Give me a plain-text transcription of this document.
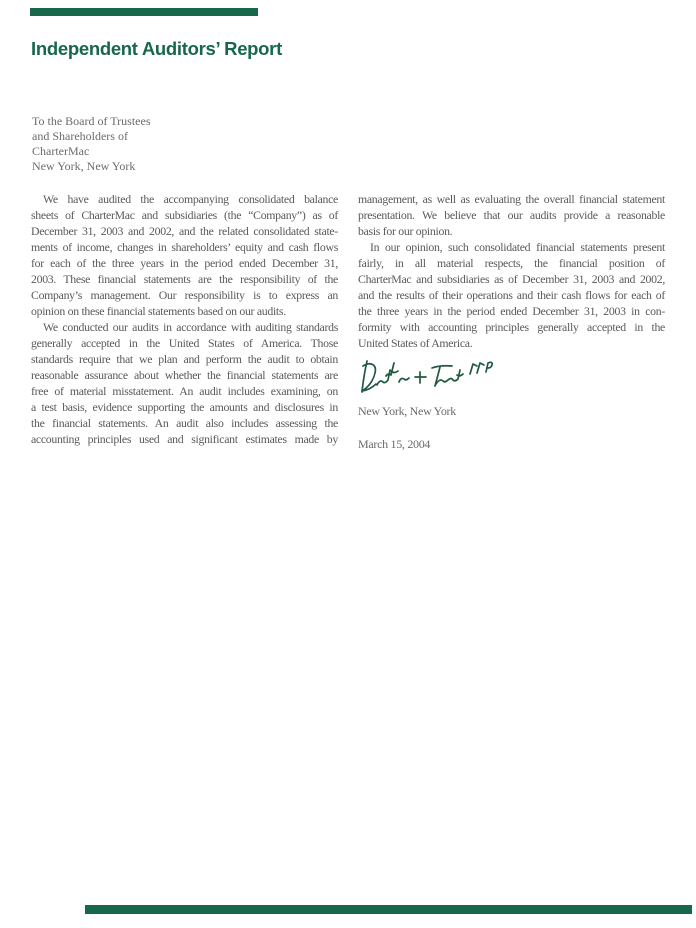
Independent Auditors’ Report
To the Board of Trustees
and Shareholders of
CharterMac
New York, New York
We have audited the accompanying consolidated balance
sheets of CharterMac and subsidiaries (the “Company”) as of
December 31, 2003 and 2002, and the related consolidated state-
ments of income, changes in shareholders’ equity and cash flows
for each of the three years in the period ended December 31,
2003. These financial statements are the responsibility of the
Company’s management. Our responsibility is to express an
opinion on these financial statements based on our audits.
We conducted our audits in accordance with auditing standards
generally accepted in the United States of America. Those
standards require that we plan and perform the audit to obtain
reasonable assurance about whether the financial statements are
free of material misstatement. An audit includes examining, on
a test basis, evidence supporting the amounts and disclosures in
the financial statements. An audit also includes assessing the
accounting principles used and significant estimates made by
management, as well as evaluating the overall financial statement
presentation. We believe that our audits provide a reasonable
basis for our opinion.
In our opinion, such consolidated financial statements present
fairly, in all material respects, the financial position of
CharterMac and subsidiaries as of December 31, 2003 and 2002,
and the results of their operations and their cash flows for each of
the three years in the period ended December 31, 2003 in con-
formity with accounting principles generally accepted in the
United States of America.
New York, New York
March 15, 2004
